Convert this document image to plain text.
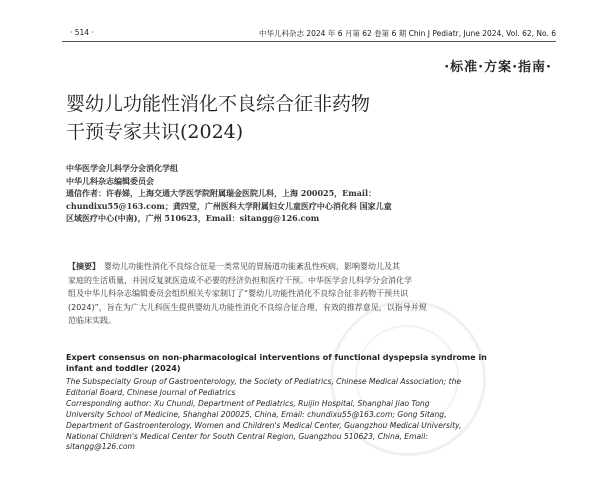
· 514 ·	中华儿科杂志 2024 年 6 月第 62 卷第 6 期 Chin J Pediatr, June 2024, Vol. 62, No. 6
·标准·方案·指南·
婴幼儿功能性消化不良综合征非药物
干预专家共识(2024)
中华医学会儿科学分会消化学组
中华儿科杂志编辑委员会
通信作者：许春娣，上海交通大学医学院附属瑞金医院儿科，上海 200025，Email：
chundixu55@163.com；龚四堂，广州医科大学附属妇女儿童医疗中心消化科 国家儿童
区域医疗中心(中南)，广州 510623，Email：sitangg@126.com
【摘要】 婴幼儿功能性消化不良综合征是一类常见的胃肠道功能紊乱性疾病，影响婴幼儿及其
家庭的生活质量，并因反复就医造成不必要的经济负担和医疗干预。中华医学会儿科学分会消化学
组及中华儿科杂志编辑委员会组织相关专家制订了“婴幼儿功能性消化不良综合征非药物干预共识
(2024)”，旨在为广大儿科医生提供婴幼儿功能性消化不良综合征合理、有效的推荐意见，以指导并规
范临床实践。
Expert consensus on non-pharmacological interventions of functional dyspepsia syndrome in
infant and toddler (2024)
The Subspecialty Group of Gastroenterology, the Society of Pediatrics, Chinese Medical Association; the
Editorial Board, Chinese Journal of Pediatrics
Corresponding author: Xu Chundi, Department of Pediatrics, Ruijin Hospital, Shanghai Jiao Tong
University School of Medicine, Shanghai 200025, China, Email: chundixu55@163.com; Gong Sitang,
Department of Gastroenterology, Women and Children's Medical Center, Guangzhou Medical University,
National Children's Medical Center for South Central Region, Guangzhou 510623, China, Email:
sitangg@126.com
